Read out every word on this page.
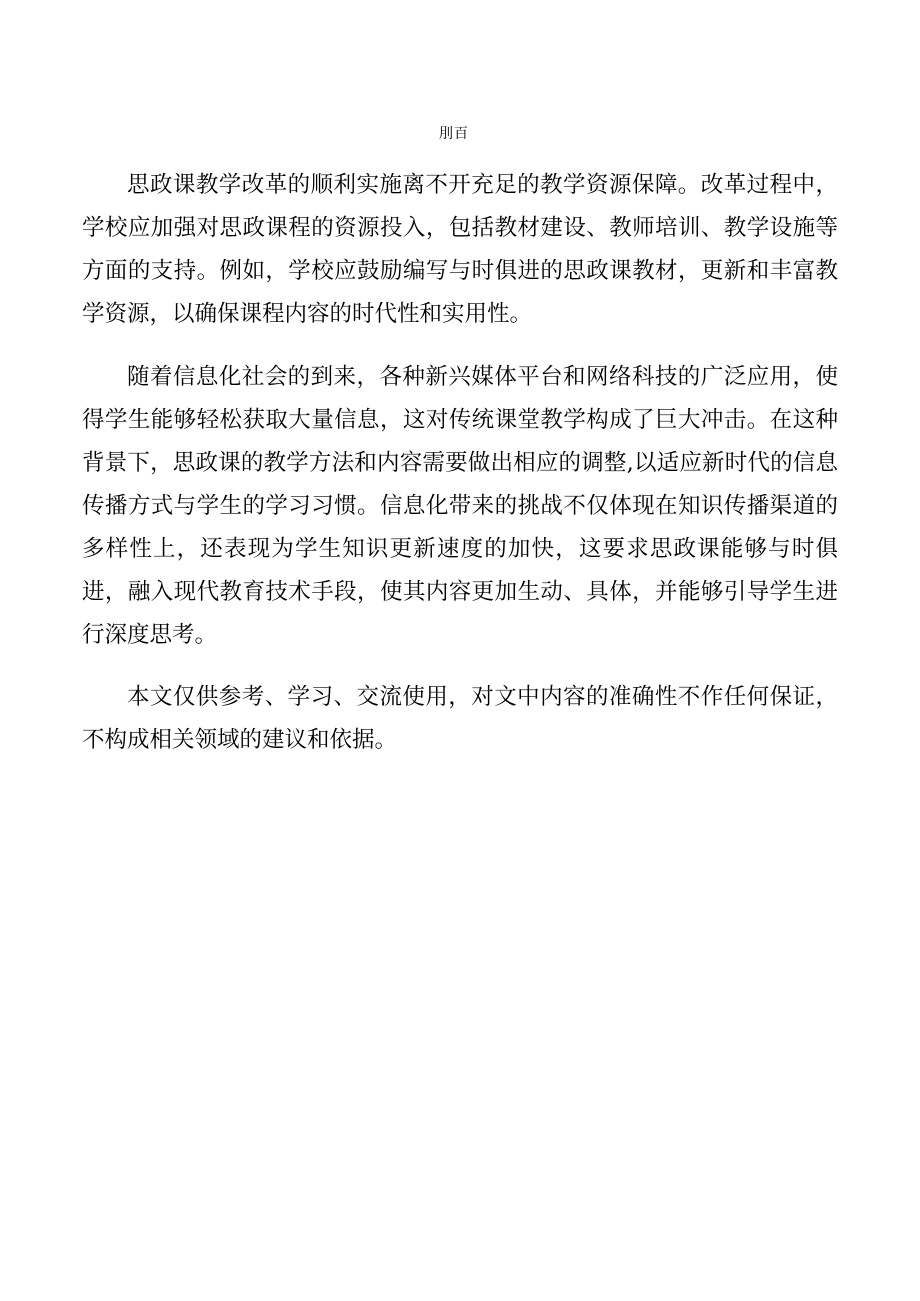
刖百

思政课教学改革的顺利实施离不开充足的教学资源保障。改革过程中，学校应加强对思政课程的资源投入，包括教材建设、教师培训、教学设施等方面的支持。例如，学校应鼓励编写与时俱进的思政课教材，更新和丰富教学资源，以确保课程内容的时代性和实用性。

随着信息化社会的到来，各种新兴媒体平台和网络科技的广泛应用，使得学生能够轻松获取大量信息，这对传统课堂教学构成了巨大冲击。在这种背景下，思政课的教学方法和内容需要做出相应的调整,以适应新时代的信息传播方式与学生的学习习惯。信息化带来的挑战不仅体现在知识传播渠道的多样性上，还表现为学生知识更新速度的加快，这要求思政课能够与时俱进，融入现代教育技术手段，使其内容更加生动、具体，并能够引导学生进行深度思考。

本文仅供参考、学习、交流使用，对文中内容的准确性不作任何保证，不构成相关领域的建议和依据。
